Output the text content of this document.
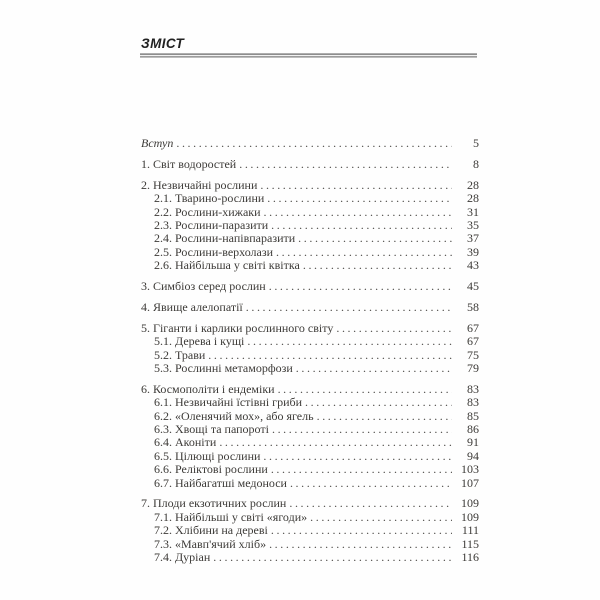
ЗМІСТ
Вступ .....	5
1. Світ водоростей .....	8
2. Незвичайні рослини .....	28
2.1. Тварино-рослини .....	28
2.2. Рослини-хижаки .....	31
2.3. Рослини-паразити .....	35
2.4. Рослини-напівпаразити .....	37
2.5. Рослини-верхолази .....	39
2.6. Найбільша у світі квітка .....	43
3. Симбіоз серед рослин .....	45
4. Явище алелопатії .....	58
5. Гіганти і карлики рослинного світу .....	67
5.1. Дерева і кущі .....	67
5.2. Трави .....	75
5.3. Рослинні метаморфози .....	79
6. Космополіти і ендеміки .....	83
6.1. Незвичайні їстівні гриби .....	83
6.2. «Оленячий мох», або ягель .....	85
6.3. Хвощі та папороті .....	86
6.4. Аконіти .....	91
6.5. Цілющі рослини .....	94
6.6. Реліктові рослини .....	103
6.7. Найбагатші медоноси .....	107
7. Плоди екзотичних рослин .....	109
7.1. Найбільші у світі «ягоди» .....	109
7.2. Хлібини на дереві .....	111
7.3. «Мавп'ячий хліб» .....	115
7.4. Дуріан .....	116
